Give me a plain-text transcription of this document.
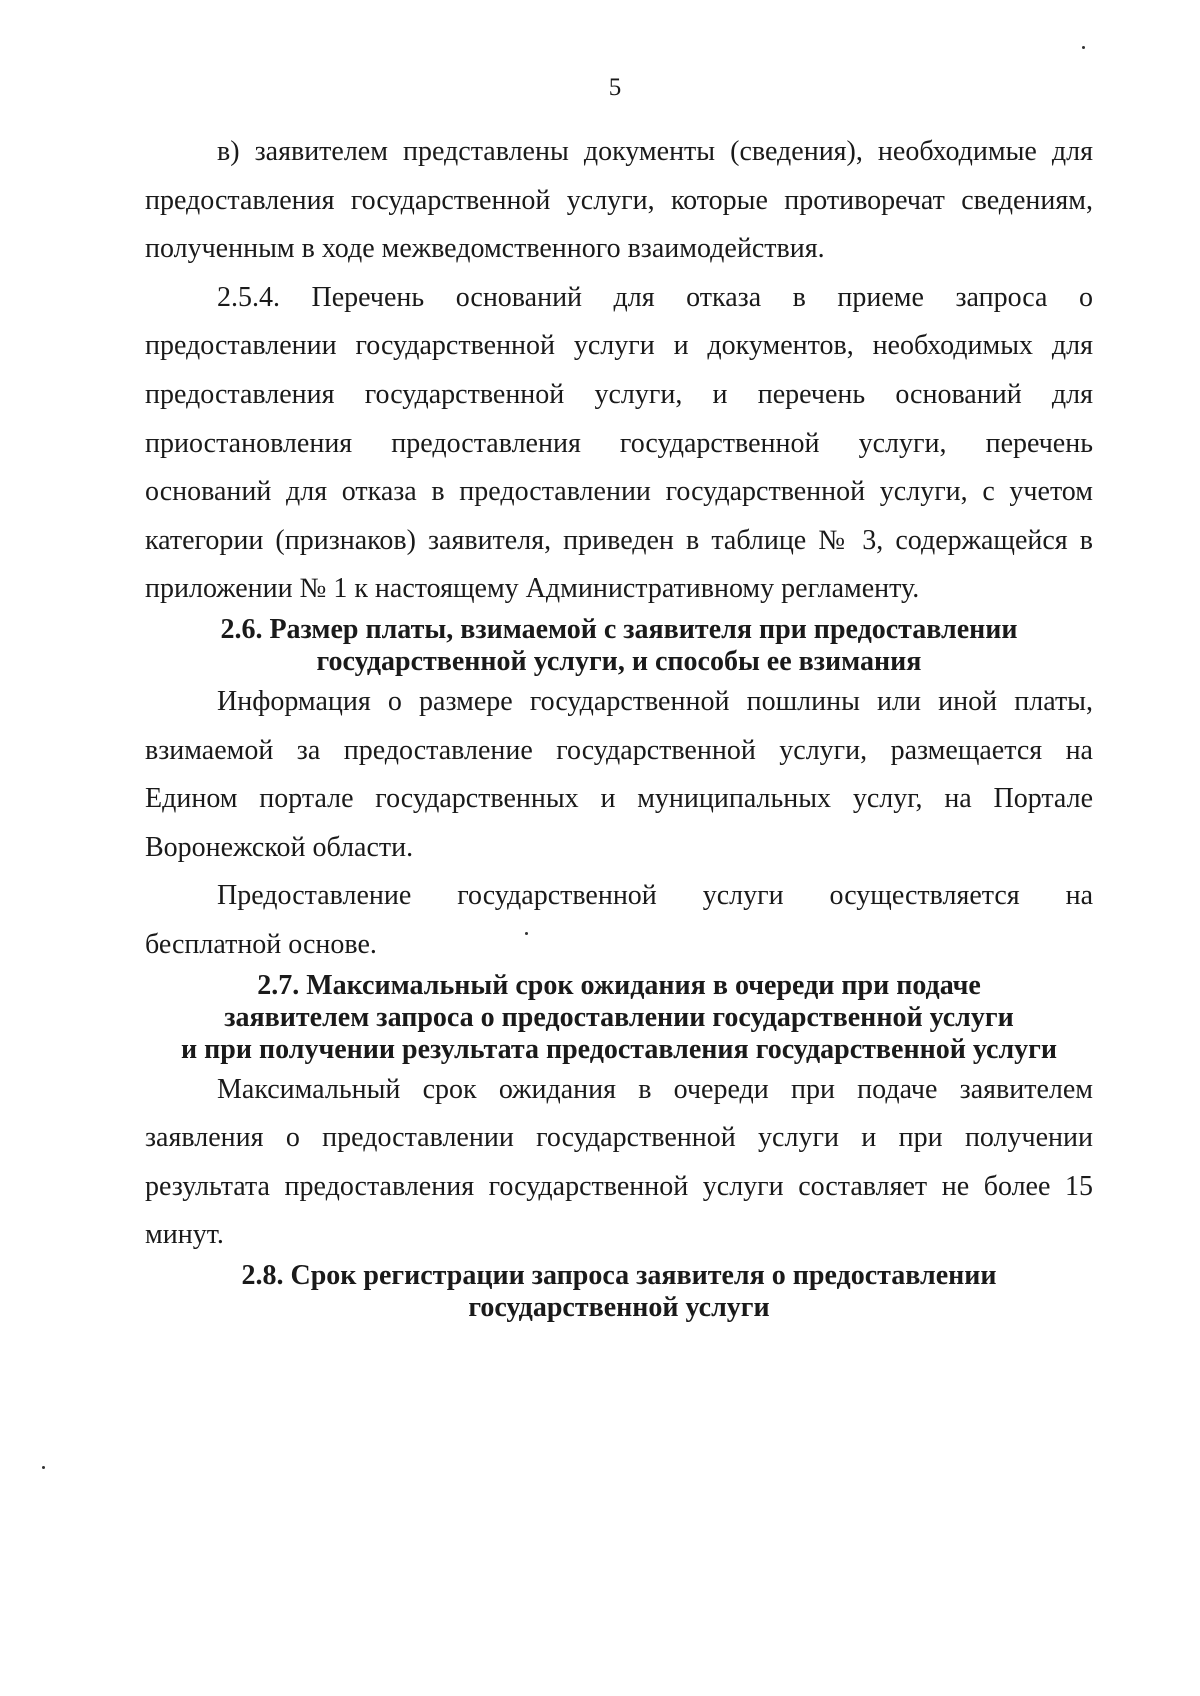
5

в) заявителем представлены документы (сведения), необходимые для предоставления государственной услуги, которые противоречат сведениям, полученным в ходе межведомственного взаимодействия.

2.5.4. Перечень оснований для отказа в приеме запроса о предоставлении государственной услуги и документов, необходимых для предоставления государственной услуги, и перечень оснований для приостановления предоставления государственной услуги, перечень оснований для отказа в предоставлении государственной услуги, с учетом категории (признаков) заявителя, приведен в таблице № 3, содержащейся в приложении № 1 к настоящему Административному регламенту.

2.6. Размер платы, взимаемой с заявителя при предоставлении
государственной услуги, и способы ее взимания

Информация о размере государственной пошлины или иной платы, взимаемой за предоставление государственной услуги, размещается на Едином портале государственных и муниципальных услуг, на Портале Воронежской области.

Предоставление государственной услуги осуществляется на

бесплатной основе.

2.7. Максимальный срок ожидания в очереди при подаче
заявителем запроса о предоставлении государственной услуги
и при получении результата предоставления государственной услуги

Максимальный срок ожидания в очереди при подаче заявителем заявления о предоставлении государственной услуги и при получении результата предоставления государственной услуги составляет не более 15 минут.

2.8. Срок регистрации запроса заявителя о предоставлении
государственной услуги
